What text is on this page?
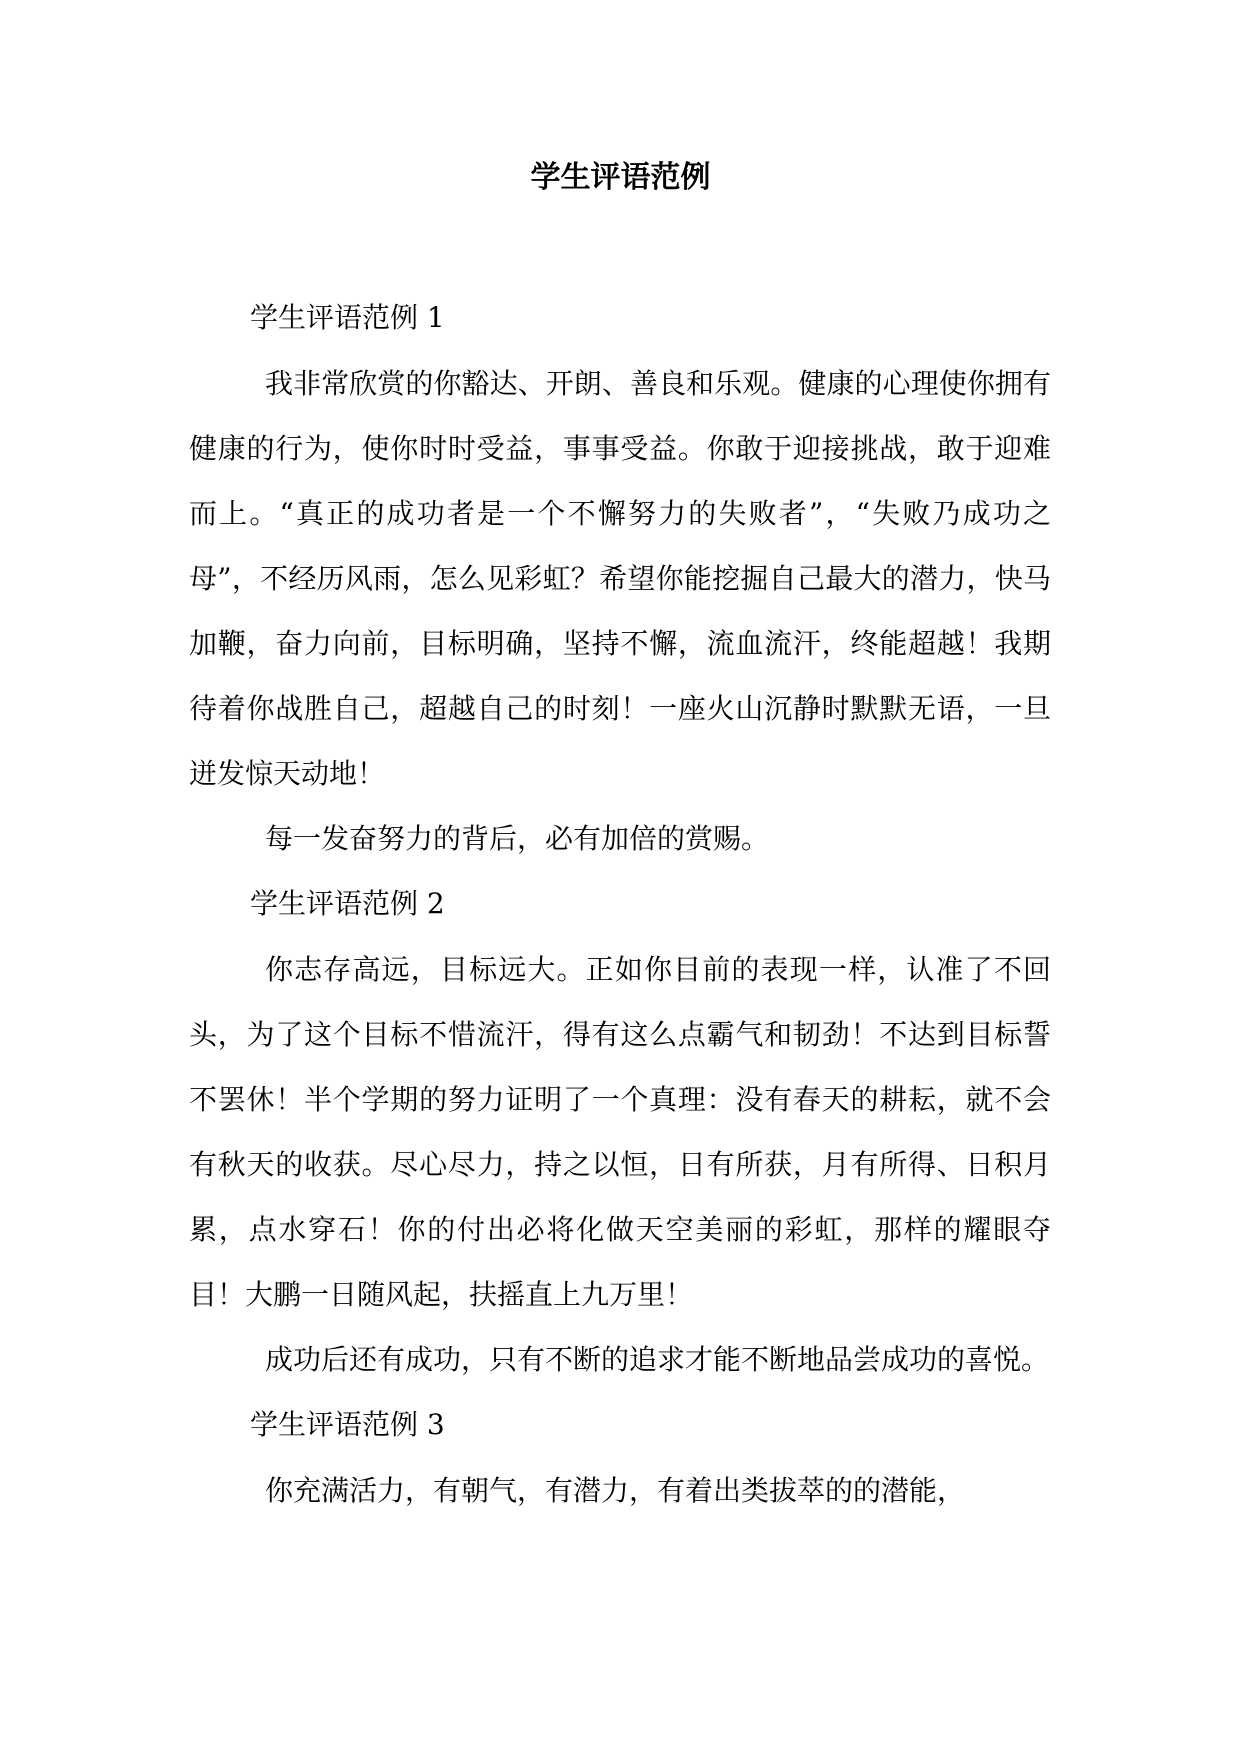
学生评语范例

学生评语范例 1

我非常欣赏的你豁达、开朗、善良和乐观。健康的心理使你拥有健康的行为，使你时时受益，事事受益。你敢于迎接挑战，敢于迎难而上。“真正的成功者是一个不懈努力的失败者”，“失败乃成功之母”，不经历风雨，怎么见彩虹？希望你能挖掘自己最大的潜力，快马加鞭，奋力向前，目标明确，坚持不懈，流血流汗，终能超越！我期待着你战胜自己，超越自己的时刻！一座火山沉静时默默无语，一旦迸发惊天动地！

每一发奋努力的背后，必有加倍的赏赐。

学生评语范例 2

你志存高远，目标远大。正如你目前的表现一样，认准了不回头，为了这个目标不惜流汗，得有这么点霸气和韧劲！不达到目标誓不罢休！半个学期的努力证明了一个真理：没有春天的耕耘，就不会有秋天的收获。尽心尽力，持之以恒，日有所获，月有所得、日积月累，点水穿石！你的付出必将化做天空美丽的彩虹，那样的耀眼夺目！大鹏一日随风起，扶摇直上九万里！

成功后还有成功，只有不断的追求才能不断地品尝成功的喜悦。

学生评语范例 3

你充满活力，有朝气，有潜力，有着出类拔萃的的潜能，
